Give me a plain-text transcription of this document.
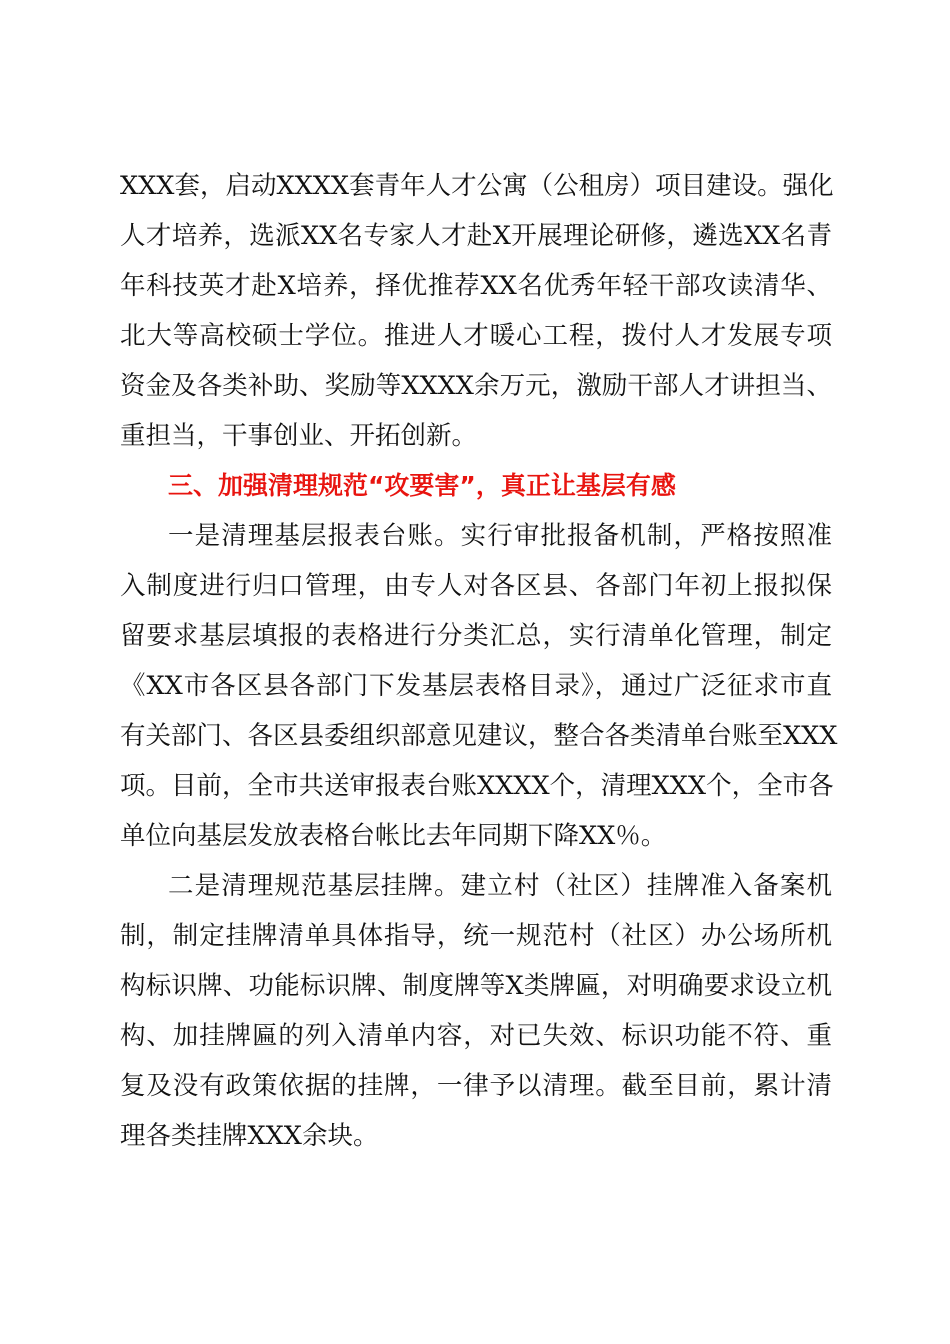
XXX套，启动XXXX套青年人才公寓（公租房）项目建设。强化
人才培养，选派XX名专家人才赴X开展理论研修，遴选XX名青
年科技英才赴X培养，择优推荐XX名优秀年轻干部攻读清华、
北大等高校硕士学位。推进人才暖心工程，拨付人才发展专项
资金及各类补助、奖励等XXXX余万元，激励干部人才讲担当、
重担当，干事创业、开拓创新。
三、加强清理规范“攻要害”，真正让基层有感
一是清理基层报表台账。实行审批报备机制，严格按照准
入制度进行归口管理，由专人对各区县、各部门年初上报拟保
留要求基层填报的表格进行分类汇总，实行清单化管理，制定
《XX市各区县各部门下发基层表格目录》，通过广泛征求市直
有关部门、各区县委组织部意见建议，整合各类清单台账至XXX
项。目前，全市共送审报表台账XXXX个，清理XXX个，全市各
单位向基层发放表格台帐比去年同期下降XX％。
二是清理规范基层挂牌。建立村（社区）挂牌准入备案机
制，制定挂牌清单具体指导，统一规范村（社区）办公场所机
构标识牌、功能标识牌、制度牌等X类牌匾，对明确要求设立机
构、加挂牌匾的列入清单内容，对已失效、标识功能不符、重
复及没有政策依据的挂牌，一律予以清理。截至目前，累计清
理各类挂牌XXX余块。
